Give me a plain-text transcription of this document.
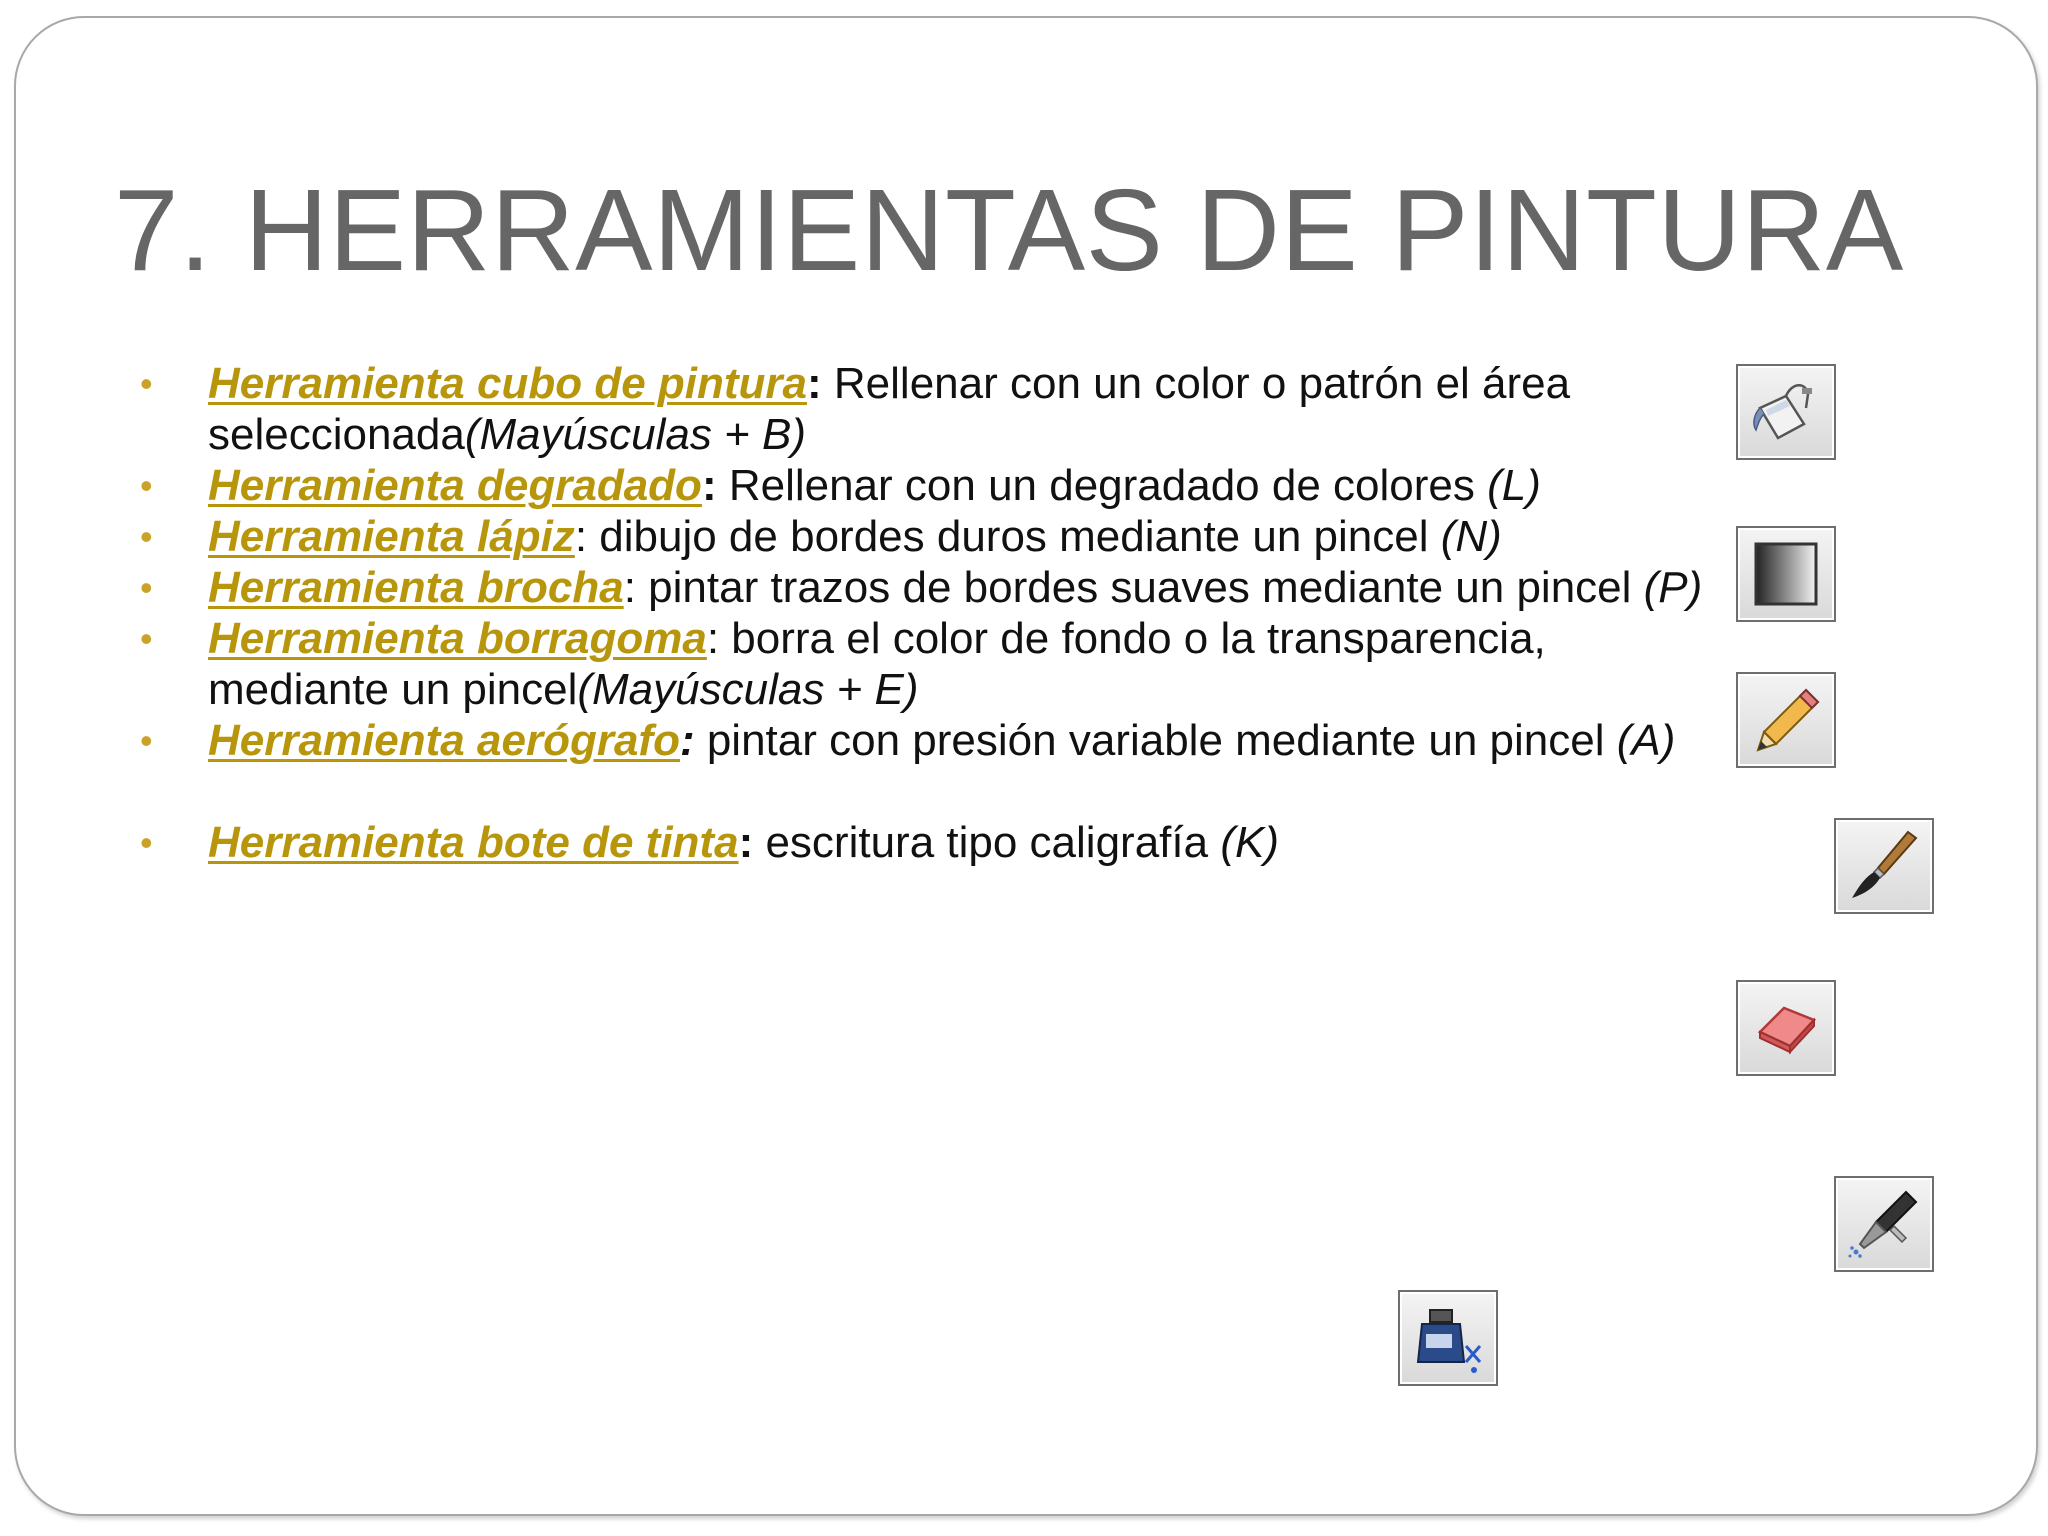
7. HERRAMIENTAS DE PINTURA
• Herramienta cubo de pintura: Rellenar con un color o patrón el área seleccionada(Mayúsculas + B)
• Herramienta degradado: Rellenar con un degradado de colores (L)
• Herramienta lápiz: dibujo de bordes duros mediante un pincel (N)
• Herramienta brocha: pintar trazos de bordes suaves mediante un pincel (P)
• Herramienta borragoma: borra el color de fondo o la transparencia, mediante un pincel(Mayúsculas + E)
• Herramienta aerógrafo: pintar con presión variable mediante un pincel (A)
• Herramienta bote de tinta: escritura tipo caligrafía (K)
